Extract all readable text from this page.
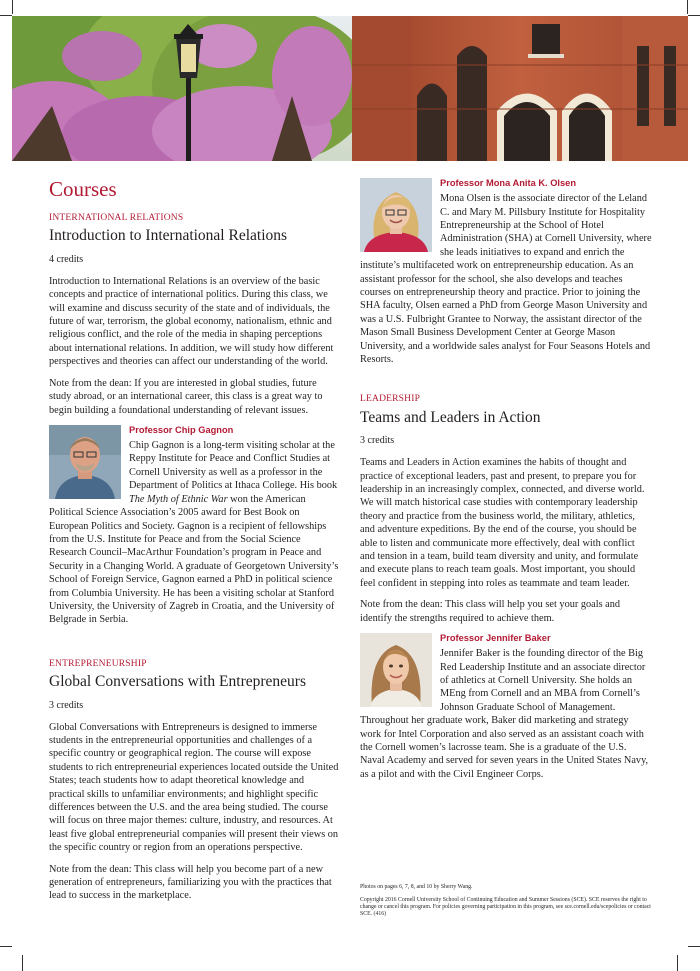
Courses

INTERNATIONAL RELATIONS

Introduction to International Relations

4 credits

Introduction to International Relations is an overview of the basic concepts and practice of international politics. During this class, we will examine and discuss security of the state and of individuals, the future of war, terrorism, the global economy, nationalism, ethnic and religious conflict, and the role of the media in shaping perceptions about international relations. In addition, we will study how different perspectives and theories can affect our understanding of the world.

Note from the dean: If you are interested in global studies, future study abroad, or an international career, this class is a great way to begin building a foundational understanding of relevant issues.

Professor Chip Gagnon

Chip Gagnon is a long-term visiting scholar at the Reppy Institute for Peace and Conflict Studies at Cornell University as well as a professor in the Department of Politics at Ithaca College. His book The Myth of Ethnic War won the American Political Science Association’s 2005 award for Best Book on European Politics and Society. Gagnon is a recipient of fellowships from the U.S. Institute for Peace and from the Social Science Research Council–MacArthur Foundation’s program in Peace and Security in a Changing World. A graduate of Georgetown University’s School of Foreign Service, Gagnon earned a PhD in political science from Columbia University. He has been a visiting scholar at Stanford University, the University of Zagreb in Croatia, and the University of Belgrade in Serbia.

ENTREPRENEURSHIP

Global Conversations with Entrepreneurs

3 credits

Global Conversations with Entrepreneurs is designed to immerse students in the entrepreneurial opportunities and challenges of a specific country or geographical region. The course will expose students to rich entrepreneurial experiences located outside the United States; teach students how to adapt theoretical knowledge and practical skills to unfamiliar environments; and highlight specific differences between the U.S. and the area being studied. The course will focus on three major themes: culture, industry, and resources. At least five global entrepreneurial companies will present their views on the specific country or region from an operations perspective.

Note from the dean: This class will help you become part of a new generation of entrepreneurs, familiarizing you with the practices that lead to success in the marketplace.

Professor Mona Anita K. Olsen

Mona Olsen is the associate director of the Leland C. and Mary M. Pillsbury Institute for Hospitality Entrepreneurship at the School of Hotel Administration (SHA) at Cornell University, where she leads initiatives to expand and enrich the institute’s multifaceted work on entrepreneurship education. As an assistant professor for the school, she also develops and teaches courses on entrepreneurship theory and practice. Prior to joining the SHA faculty, Olsen earned a PhD from George Mason University and was a U.S. Fulbright Grantee to Norway, the assistant director of the Mason Small Business Development Center at George Mason University, and a worldwide sales analyst for Four Seasons Hotels and Resorts.

LEADERSHIP

Teams and Leaders in Action

3 credits

Teams and Leaders in Action examines the habits of thought and practice of exceptional leaders, past and present, to prepare you for leadership in an increasingly complex, connected, and diverse world. We will match historical case studies with contemporary leadership theory and practice from the business world, the military, athletics, and adventure expeditions. By the end of the course, you should be able to listen and communicate more effectively, deal with conflict and tension in a team, build team diversity and unity, and formulate and execute plans to reach team goals. Most important, you should feel confident in stepping into roles as teammate and team leader.

Note from the dean: This class will help you set your goals and identify the strengths required to achieve them.

Professor Jennifer Baker

Jennifer Baker is the founding director of the Big Red Leadership Institute and an associate director of athletics at Cornell University. She holds an MEng from Cornell and an MBA from Cornell’s Johnson Graduate School of Management. Throughout her graduate work, Baker did marketing and strategy work for Intel Corporation and also served as an assistant coach with the Cornell women’s lacrosse team. She is a graduate of the U.S. Naval Academy and served for seven years in the United States Navy, as a pilot and with the Civil Engineer Corps.

Photos on pages 6, 7, 8, and 10 by Sherry Wang.

Copyright 2016 Cornell University School of Continuing Education and Summer Sessions (SCE). SCE reserves the right to change or cancel this program. For policies governing participation in this program, see sce.cornell.edu/scepolicies or contact SCE. (416)
